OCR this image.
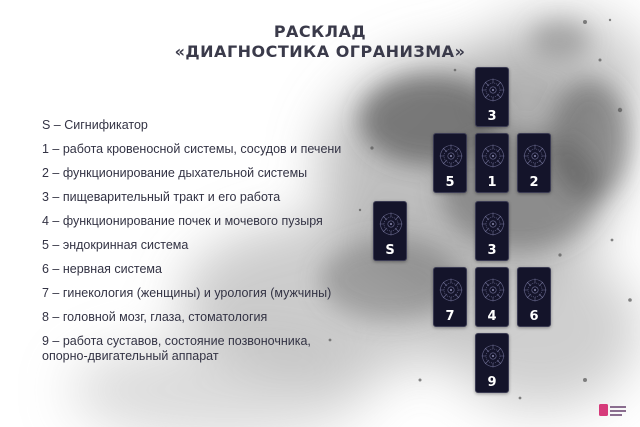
РАСКЛАД
«ДИАГНОСТИКА ОГРАНИЗМА»
S – Сигнификатор
1 – работа кровеносной системы, сосудов и печени
2 – функционирование дыхательной системы
3 – пищеварительный тракт и его работа
4 – функционирование почек и мочевого пузыря
5 – эндокринная система
6 – нервная система
7 – гинекология (женщины) и урология (мужчины)
8 – головной мозг, глаза, стоматология
9 – работа суставов, состояние позвоночника,
опорно-двигательный аппарат
3
5	1	2
S	3
7	4	6
9
